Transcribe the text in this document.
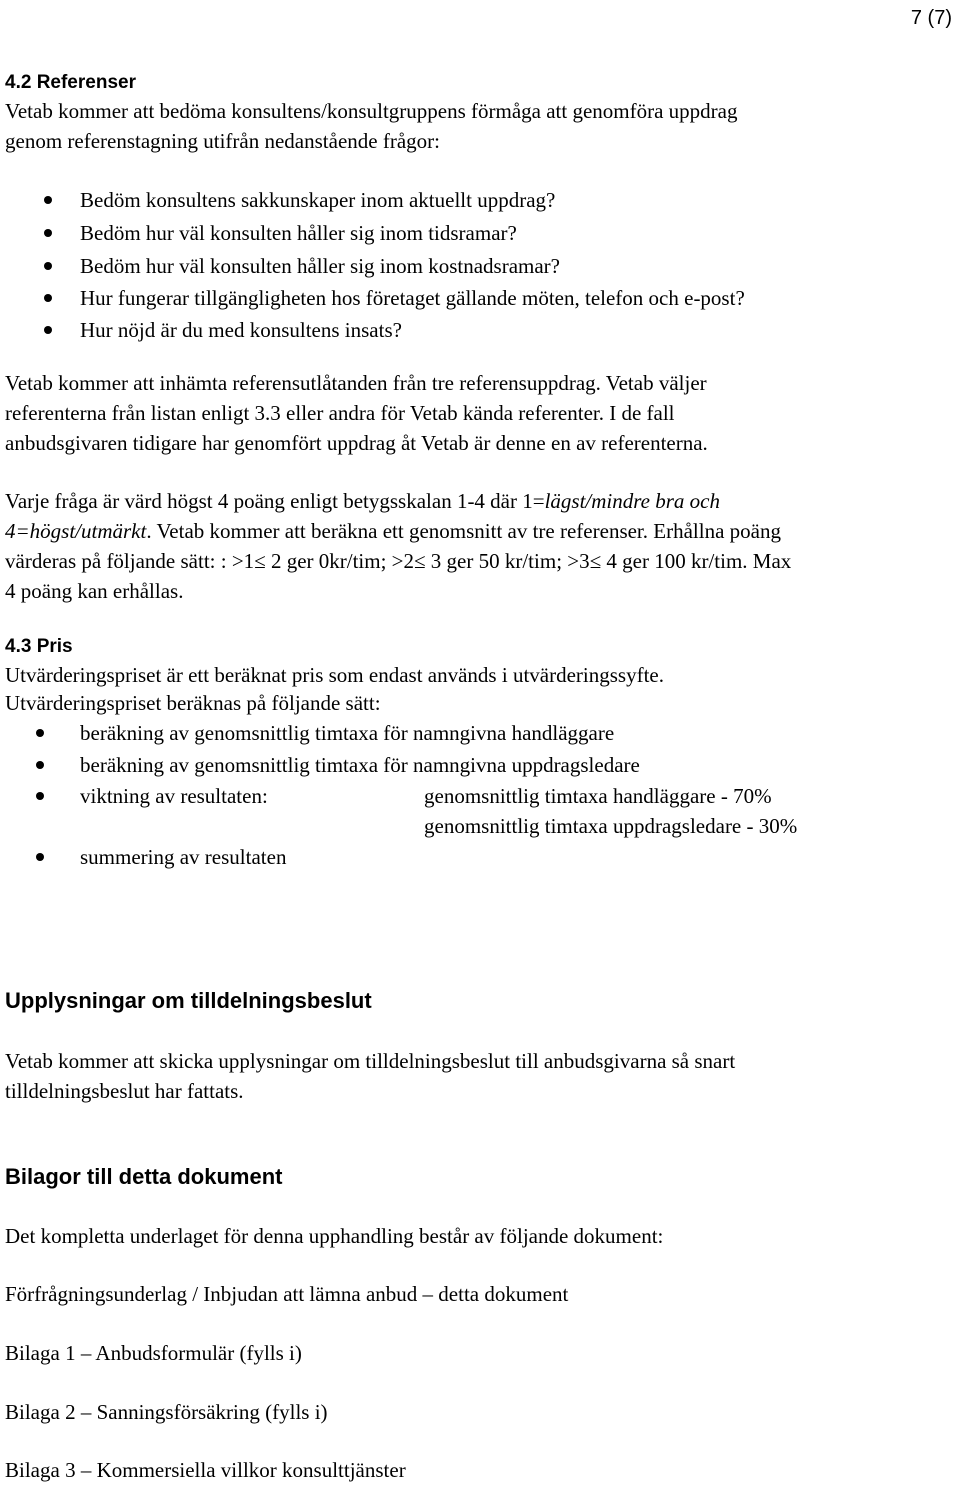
7 (7)
4.2 Referenser
Vetab kommer att bedöma konsultens/konsultgruppens förmåga att genomföra uppdrag
genom referenstagning utifrån nedanstående frågor:
Bedöm konsultens sakkunskaper inom aktuellt uppdrag?
Bedöm hur väl konsulten håller sig inom tidsramar?
Bedöm hur väl konsulten håller sig inom kostnadsramar?
Hur fungerar tillgängligheten hos företaget gällande möten, telefon och e-post?
Hur nöjd är du med konsultens insats?
Vetab kommer att inhämta referensutlåtanden från tre referensuppdrag. Vetab väljer
referenterna från listan enligt 3.3 eller andra för Vetab kända referenter. I de fall
anbudsgivaren tidigare har genomfört uppdrag åt Vetab är denne en av referenterna.
Varje fråga är värd högst 4 poäng enligt betygsskalan 1-4 där 1=lägst/mindre bra och
4=högst/utmärkt. Vetab kommer att beräkna ett genomsnitt av tre referenser. Erhållna poäng
värderas på följande sätt: : >1≤ 2 ger 0kr/tim; >2≤ 3 ger 50 kr/tim; >3≤ 4 ger 100 kr/tim. Max
4 poäng kan erhållas.
4.3 Pris
Utvärderingspriset är ett beräknat pris som endast används i utvärderingssyfte.
Utvärderingspriset beräknas på följande sätt:
beräkning av genomsnittlig timtaxa för namngivna handläggare
beräkning av genomsnittlig timtaxa för namngivna uppdragsledare
viktning av resultaten:	genomsnittlig timtaxa handläggare - 70%
genomsnittlig timtaxa uppdragsledare - 30%
summering av resultaten
Upplysningar om tilldelningsbeslut
Vetab kommer att skicka upplysningar om tilldelningsbeslut till anbudsgivarna så snart
tilldelningsbeslut har fattats.
Bilagor till detta dokument
Det kompletta underlaget för denna upphandling består av följande dokument:
Förfrågningsunderlag / Inbjudan att lämna anbud – detta dokument
Bilaga 1 – Anbudsformulär (fylls i)
Bilaga 2 – Sanningsförsäkring (fylls i)
Bilaga 3 – Kommersiella villkor konsulttjänster
